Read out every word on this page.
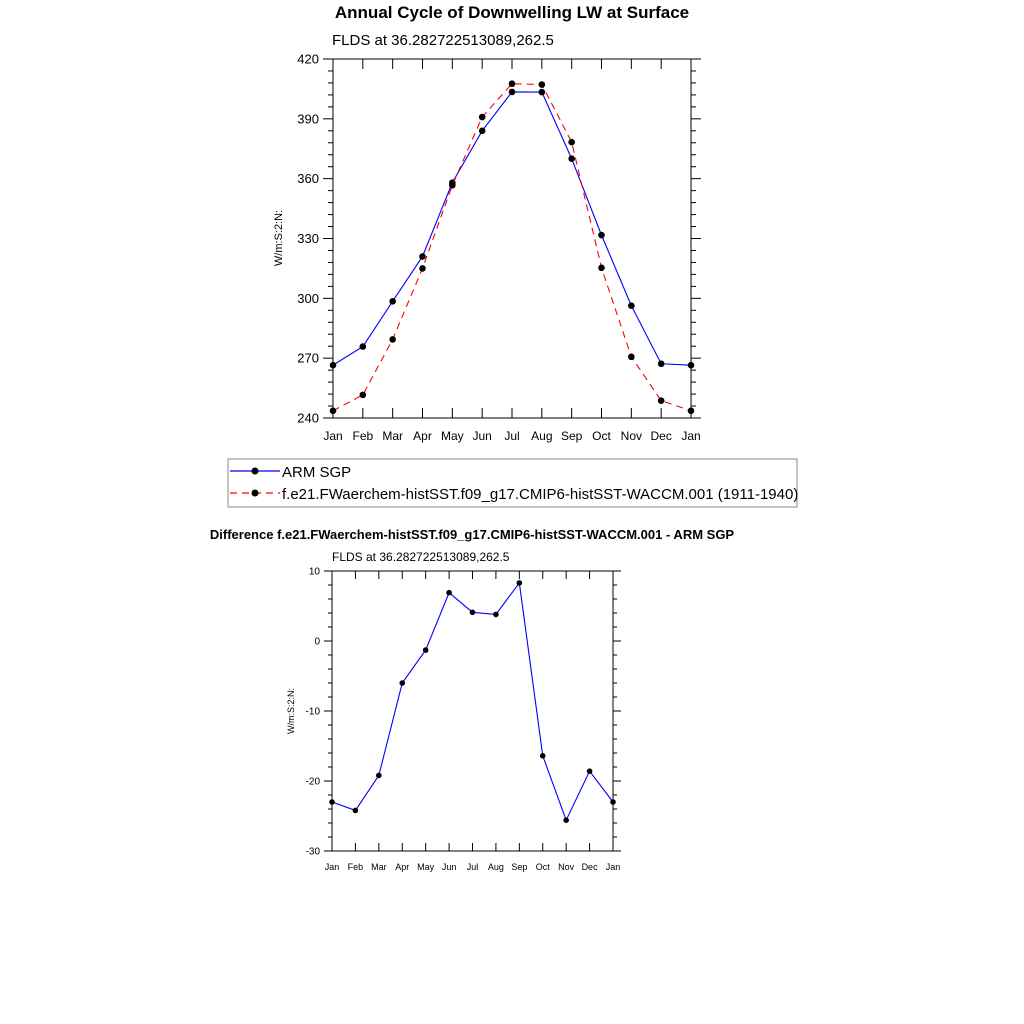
Annual Cycle of Downwelling LW at Surface
FLDS at 36.282722513089,262.5
W/m:S:2:N:
Jan Feb Mar Apr May Jun Jul Aug Sep Oct Nov Dec Jan
240
270
300
330
360
390
420
ARM SGP
f.e21.FWaerchem-histSST.f09_g17.CMIP6-histSST-WACCM.001 (1911-1940)
Difference f.e21.FWaerchem-histSST.f09_g17.CMIP6-histSST-WACCM.001 - ARM SGP
FLDS at 36.282722513089,262.5
W/m:S:2:N:
Jan Feb Mar Apr May Jun Jul Aug Sep Oct Nov Dec Jan
-30
-20
-10
0
10
